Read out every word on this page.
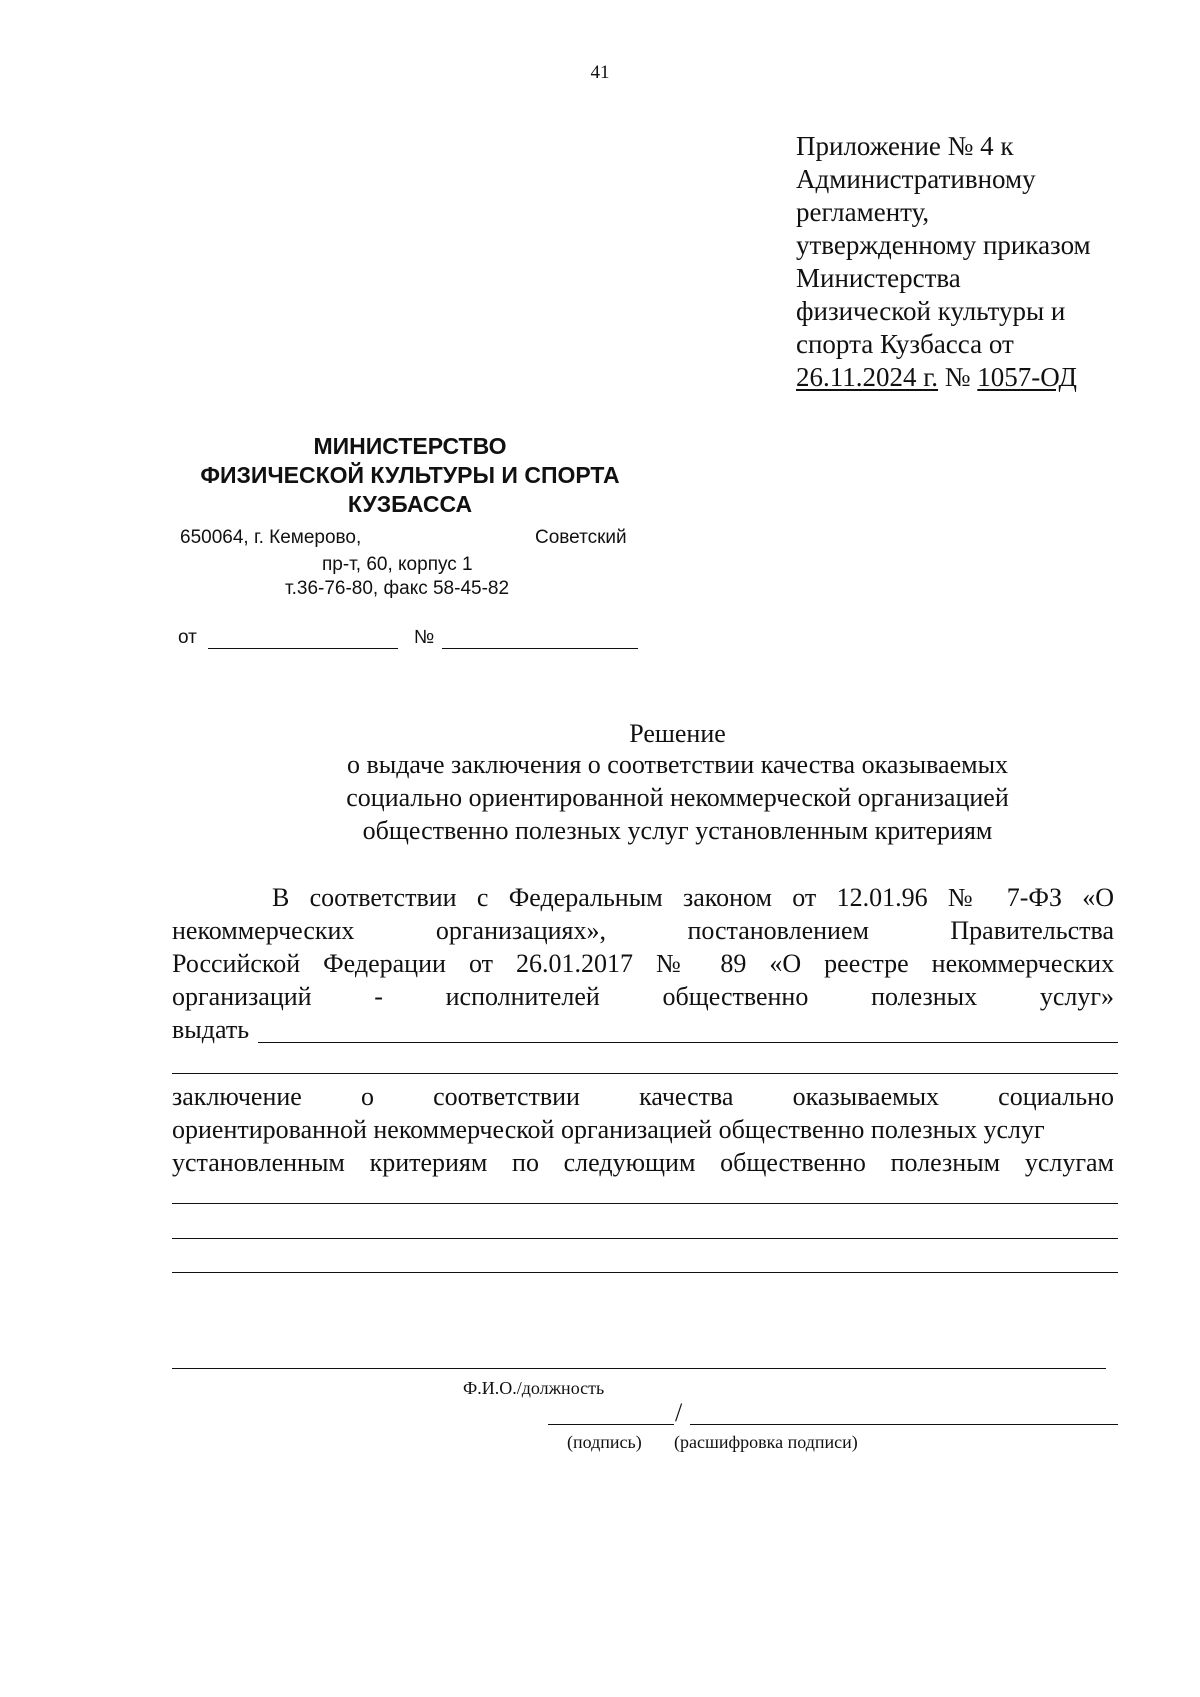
41
Приложение № 4 к
Административному
регламенту,
утвержденному приказом
Министерства
физической культуры и
спорта Кузбасса от
26.11.2024 г. № 1057-ОД
МИНИСТЕРСТВО
ФИЗИЧЕСКОЙ КУЛЬТУРЫ И СПОРТА
КУЗБАССА
650064, г. Кемерово,	Советский
пр-т, 60, корпус 1
т.36-76-80, факс 58-45-82
от	№
Решение
о выдаче заключения о соответствии качества оказываемых
социально ориентированной некоммерческой организацией
общественно полезных услуг установленным критериям
В соответствии с Федеральным законом от 12.01.96 № 7-ФЗ «О
некоммерческих	организациях»,	постановлением	Правительства
Российской Федерации от 26.01.2017 № 89 «О реестре некоммерческих
организаций - исполнителей общественно полезных услуг»
выдать
заключение о соответствии качества оказываемых социально
ориентированной некоммерческой организацией общественно полезных услуг
установленным критериям по следующим общественно полезным услугам
Ф.И.О./должность
/
(подпись) (расшифровка подписи)
